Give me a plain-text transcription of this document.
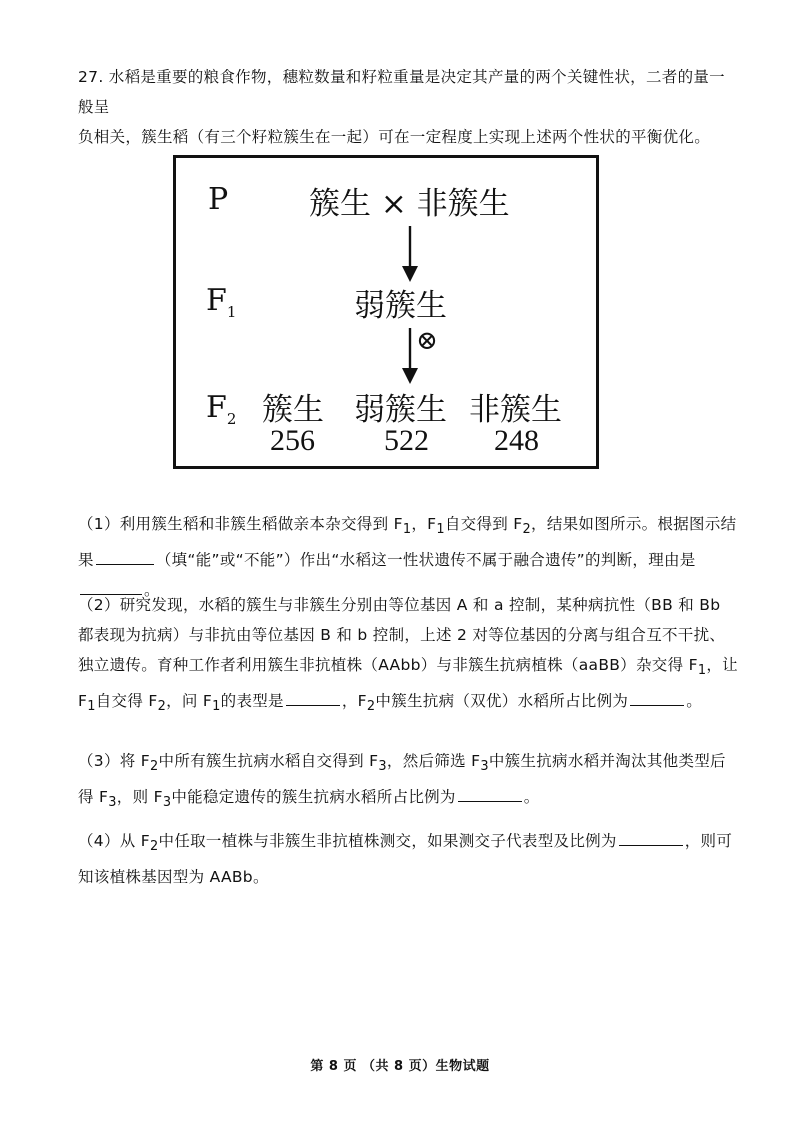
27. 水稻是重要的粮食作物，穗粒数量和籽粒重量是决定其产量的两个关键性状，二者的量一般呈
负相关，簇生稻（有三个籽粒簇生在一起）可在一定程度上实现上述两个性状的平衡优化。

P	簇生 × 非簇生
$F_1$	弱簇生
⊗
$F_2$ 簇生 弱簇生 非簇生
256 522 248

（1）利用簇生稻和非簇生稻做亲本杂交得到 $F_1$，$F_1$自交得到 $F_2$，结果如图所示。根据图示结果	（填“能”或“不能”）作出“水稻这一性状遗传不属于融合遗传”的判断，理由是。

（2）研究发现，水稻的簇生与非簇生分别由等位基因 A 和 a 控制，某种病抗性（BB 和 Bb 都表现为抗病）与非抗由等位基因 B 和 b 控制，上述 2 对等位基因的分离与组合互不干扰、独立遗传。育种工作者利用簇生非抗植株（AAbb）与非簇生抗病植株（aaBB）杂交得 $F_1$，让 $F_1$自交得 $F_2$，问 $F_1$的表型是	，$F_2$中簇生抗病（双优）水稻所占比例为	。

（3）将 $F_2$中所有簇生抗病水稻自交得到 $F_3$，然后筛选 $F_3$中簇生抗病水稻并淘汰其他类型后得 $F_3$，则 $F_3$中能稳定遗传的簇生抗病水稻所占比例为	。

（4）从 $F_2$中任取一植株与非簇生非抗植株测交，如果测交子代表型及比例为	，则可知该植株基因型为 AABb。

第 8 页 （共 8 页）生物试题
